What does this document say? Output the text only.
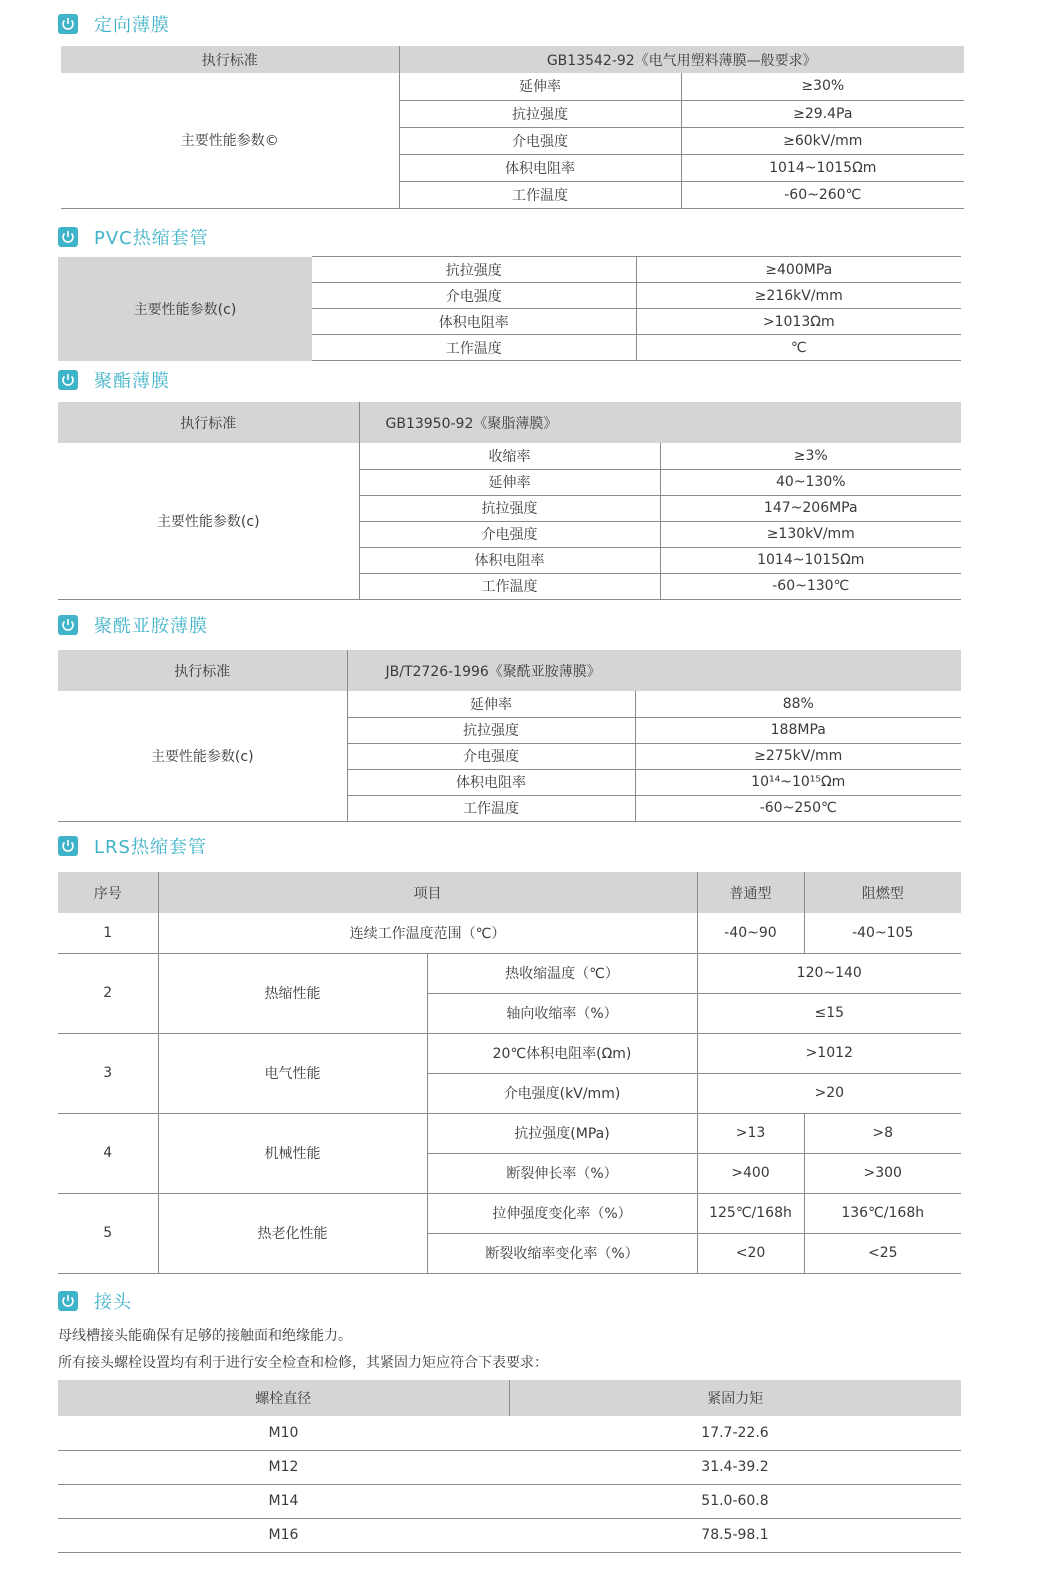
定向薄膜
执行标准	GB13542-92《电气用塑料薄膜—般要求》	
主要性能参数©	延伸率	≥30%
	抗拉强度	≥29.4Pa
	介电强度	≥60kV/mm
	体积电阻率	1014~1015Ωm
	工作温度	-60~260℃
PVC热缩套管
主要性能参数(c)	抗拉强度	≥400MPa
	介电强度	≥216kV/mm
	体积电阻率	>1013Ωm
	工作温度	℃
聚酯薄膜
执行标准	GB13950-92《聚脂薄膜》	
主要性能参数(c)	收缩率	≥3%
	延伸率	40~130%
	抗拉强度	147~206MPa
	介电强度	≥130kV/mm
	体积电阻率	1014~1015Ωm
	工作温度	-60~130℃
聚酰亚胺薄膜
执行标准	JB/T2726-1996《聚酰亚胺薄膜》	
主要性能参数(c)	延伸率	88%
	抗拉强度	188MPa
	介电强度	≥275kV/mm
	体积电阻率	10¹⁴~10¹⁵Ωm
	工作温度	-60~250℃
LRS热缩套管
序号	项目		普通型	阻燃型
1	连续工作温度范围（℃）		-40~90	-40~105
2	热缩性能	热收缩温度（℃）	120~140	
		轴向收缩率（%）	≤15	
3	电气性能	20℃体积电阻率(Ωm)	>1012	
		介电强度(kV/mm)	>20	
4	机械性能	抗拉强度(MPa)	>13	>8
		断裂伸长率（%）	>400	>300
5	热老化性能	拉伸强度变化率（%）	125℃/168h	136℃/168h
		断裂收缩率变化率（%）	<20	<25
接头
母线槽接头能确保有足够的接触面和绝缘能力。
所有接头螺栓设置均有利于进行安全检查和检修，其紧固力矩应符合下表要求：
螺栓直径	紧固力矩
M10	17.7-22.6
M12	31.4-39.2
M14	51.0-60.8
M16	78.5-98.1
